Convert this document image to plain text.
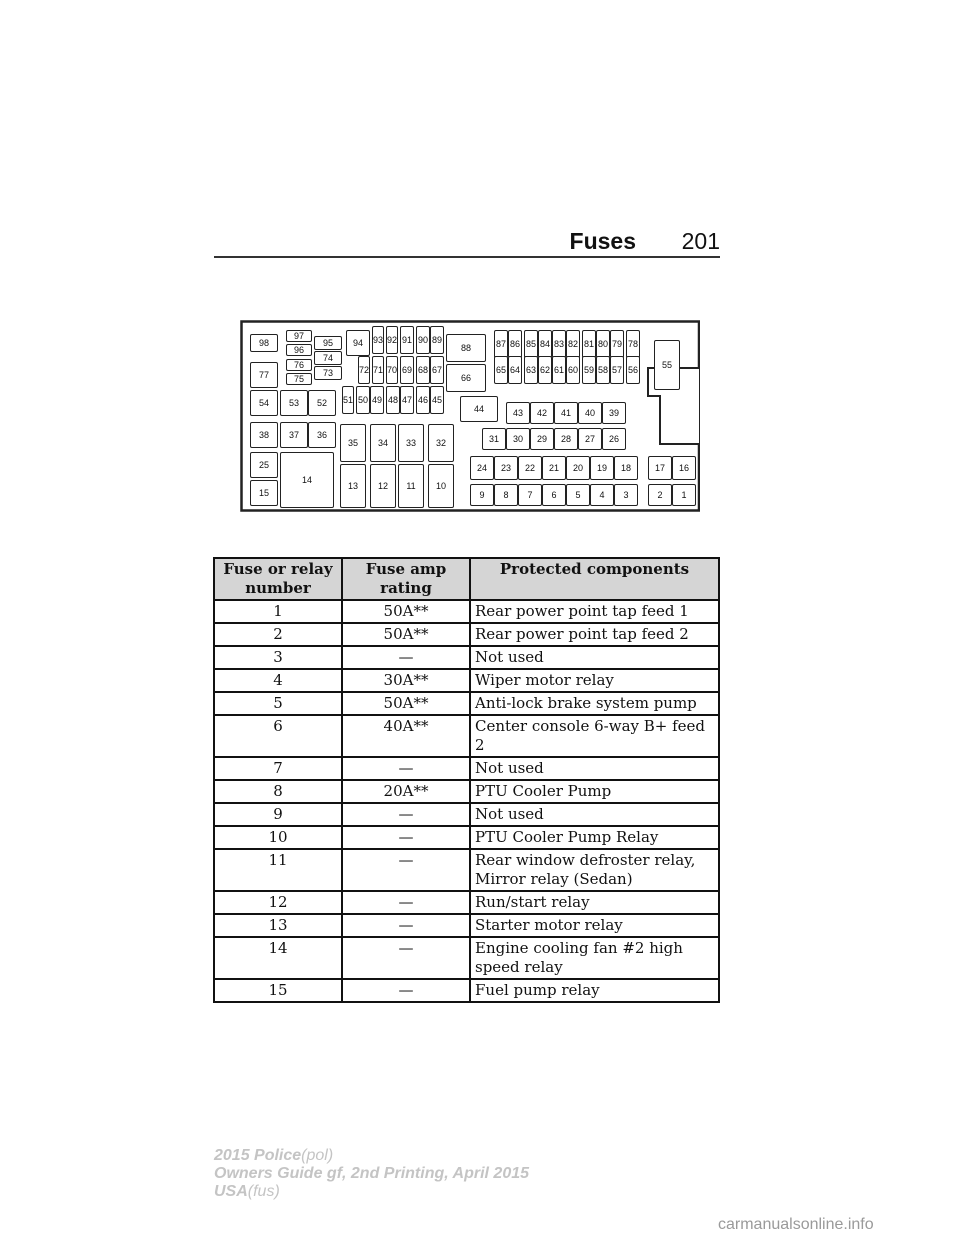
Fuses 201
98
97
96
95
76
74
75
73
94	93 92 91 90 89
72 71 70 69 68 67
88
66
87 86 85 84 83 82 81 80 79 78
65 64 63 62 61 60 59 58 57 56	55
77
54	53	52	51 50 49 48 47 46 45
44	43	42	41	40	39
38	37	36
35	34	33	32	31	30	29	28	27	26
25
14
24	23	22	21	20	19	18	17	16
15
13	12	11	10
9	8	7	6	5	4	3	2	1
Fuse or relay number	Fuse amp rating	Protected components
1	50A**	Rear power point tap feed 1
2	50A**	Rear power point tap feed 2
3	—	Not used
4	30A**	Wiper motor relay
5	50A**	Anti-lock brake system pump
6	40A**	Center console 6-way B+ feed 2
7	—	Not used
8	20A**	PTU Cooler Pump
9	—	Not used
10	—	PTU Cooler Pump Relay
11	—	Rear window defroster relay, Mirror relay (Sedan)
12	—	Run/start relay
13	—	Starter motor relay
14	—	Engine cooling fan #2 high speed relay
15	—	Fuel pump relay
2015 Police(pol)
Owners Guide gf, 2nd Printing, April 2015
USA(fus)
carmanualsonline.info
